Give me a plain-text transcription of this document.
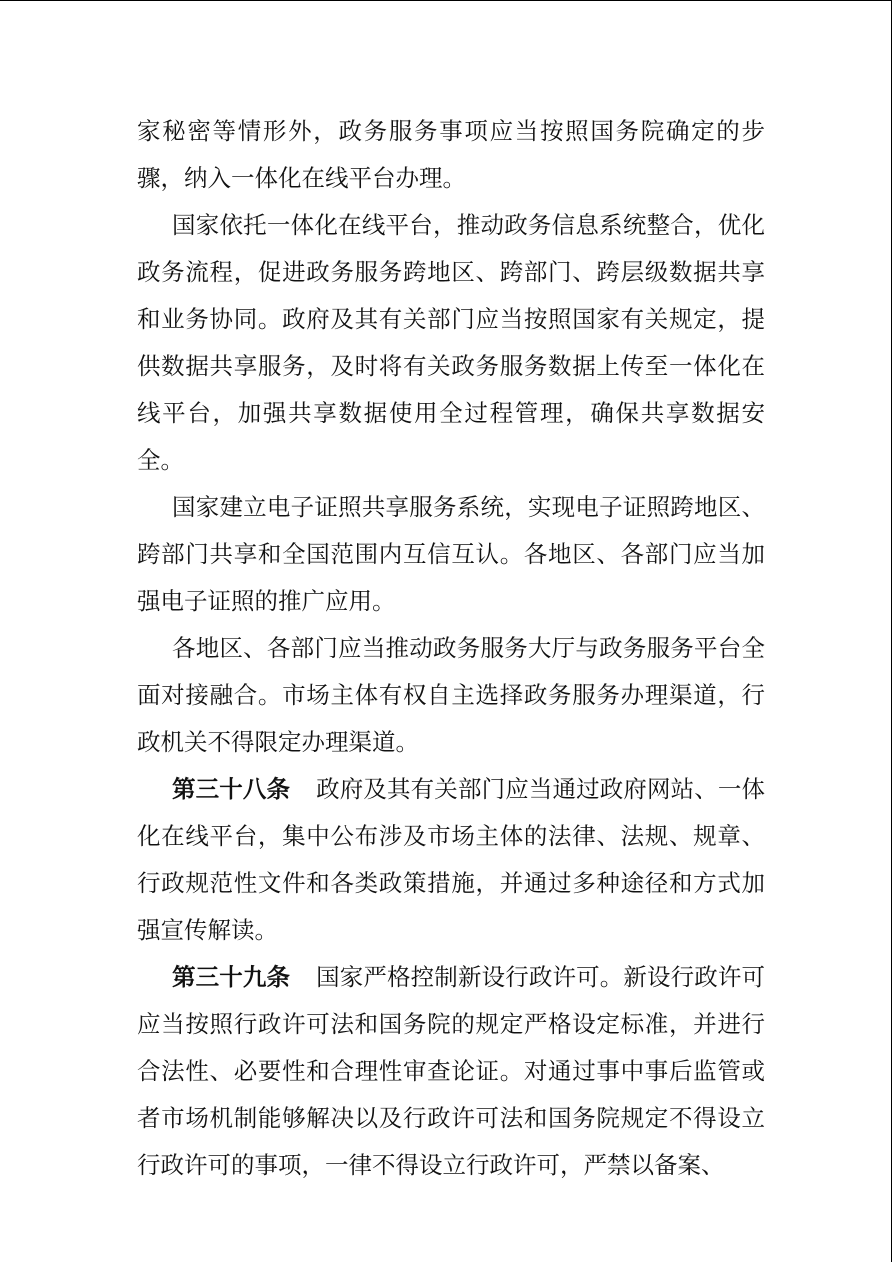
家秘密等情形外，政务服务事项应当按照国务院确定的步骤，纳入一体化在线平台办理。

国家依托一体化在线平台，推动政务信息系统整合，优化政务流程，促进政务服务跨地区、跨部门、跨层级数据共享和业务协同。政府及其有关部门应当按照国家有关规定，提供数据共享服务，及时将有关政务服务数据上传至一体化在线平台，加强共享数据使用全过程管理，确保共享数据安全。

国家建立电子证照共享服务系统，实现电子证照跨地区、跨部门共享和全国范围内互信互认。各地区、各部门应当加强电子证照的推广应用。

各地区、各部门应当推动政务服务大厅与政务服务平台全面对接融合。市场主体有权自主选择政务服务办理渠道，行政机关不得限定办理渠道。

第三十八条 政府及其有关部门应当通过政府网站、一体化在线平台，集中公布涉及市场主体的法律、法规、规章、行政规范性文件和各类政策措施，并通过多种途径和方式加强宣传解读。

第三十九条 国家严格控制新设行政许可。新设行政许可应当按照行政许可法和国务院的规定严格设定标准，并进行合法性、必要性和合理性审查论证。对通过事中事后监管或者市场机制能够解决以及行政许可法和国务院规定不得设立行政许可的事项，一律不得设立行政许可，严禁以备案、
